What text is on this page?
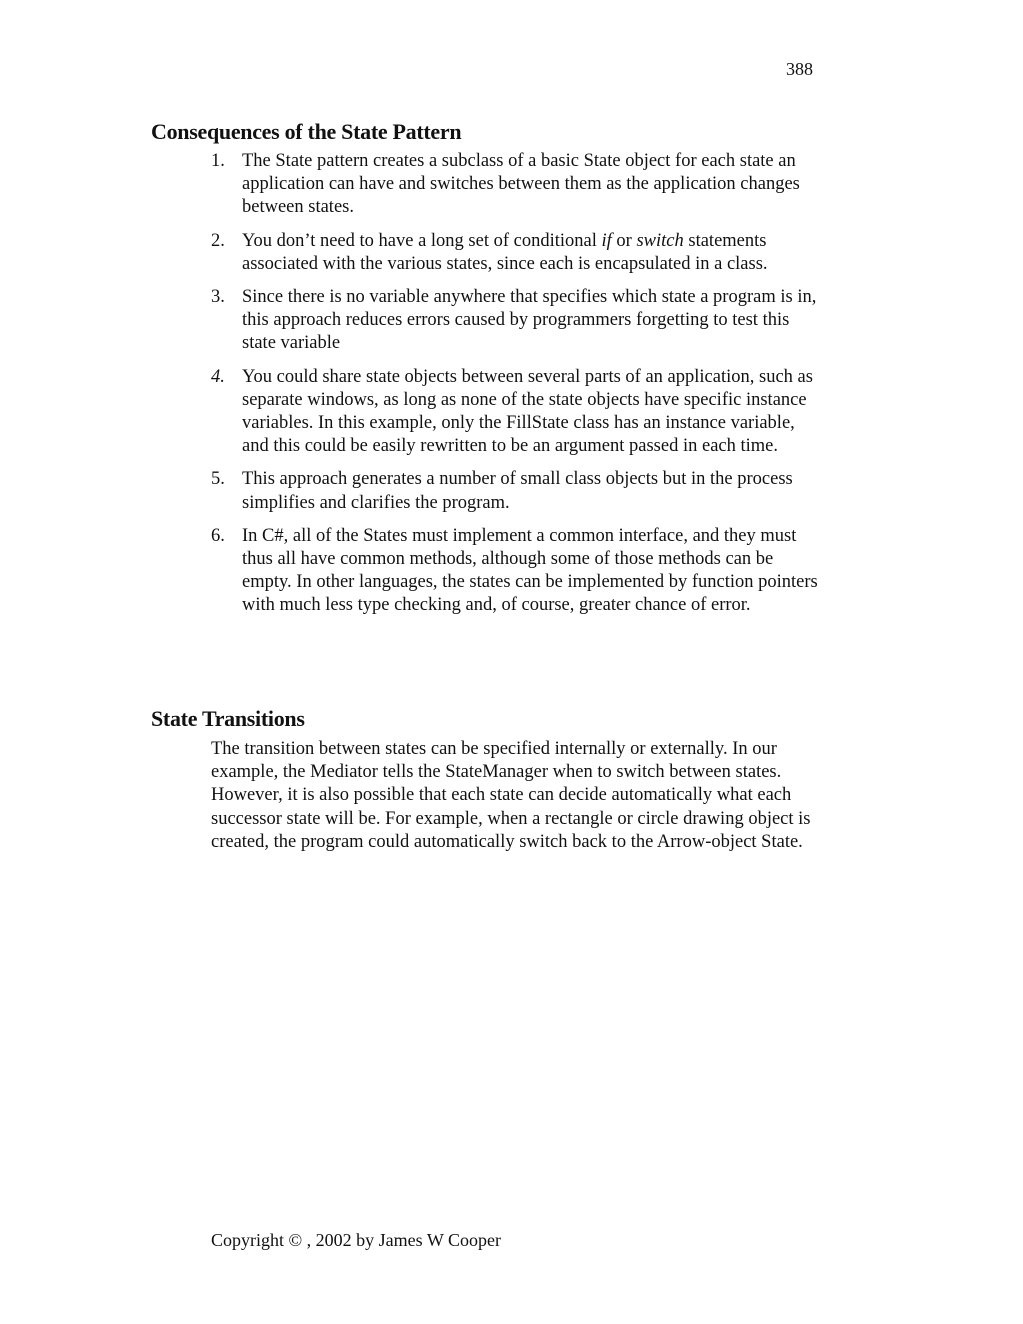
388
Consequences of the State Pattern
1. The State pattern creates a subclass of a basic State object for each state an application can have and switches between them as the application changes between states.
2. You don’t need to have a long set of conditional if or switch statements associated with the various states, since each is encapsulated in a class.
3. Since there is no variable anywhere that specifies which state a program is in, this approach reduces errors caused by programmers forgetting to test this state variable
4. You could share state objects between several parts of an application, such as separate windows, as long as none of the state objects have specific instance variables. In this example, only the FillState class has an instance variable, and this could be easily rewritten to be an argument passed in each time.
5. This approach generates a number of small class objects but in the process simplifies and clarifies the program.
6. In C#, all of the States must implement a common interface, and they must thus all have common methods, although some of those methods can be empty. In other languages, the states can be implemented by function pointers with much less type checking and, of course, greater chance of error.
State Transitions

The transition between states can be specified internally or externally. In our example, the Mediator tells the StateManager when to switch between states. However, it is also possible that each state can decide automatically what each successor state will be. For example, when a rectangle or circle drawing object is created, the program could automatically switch back to the Arrow-object State.

Copyright © , 2002 by James W Cooper
